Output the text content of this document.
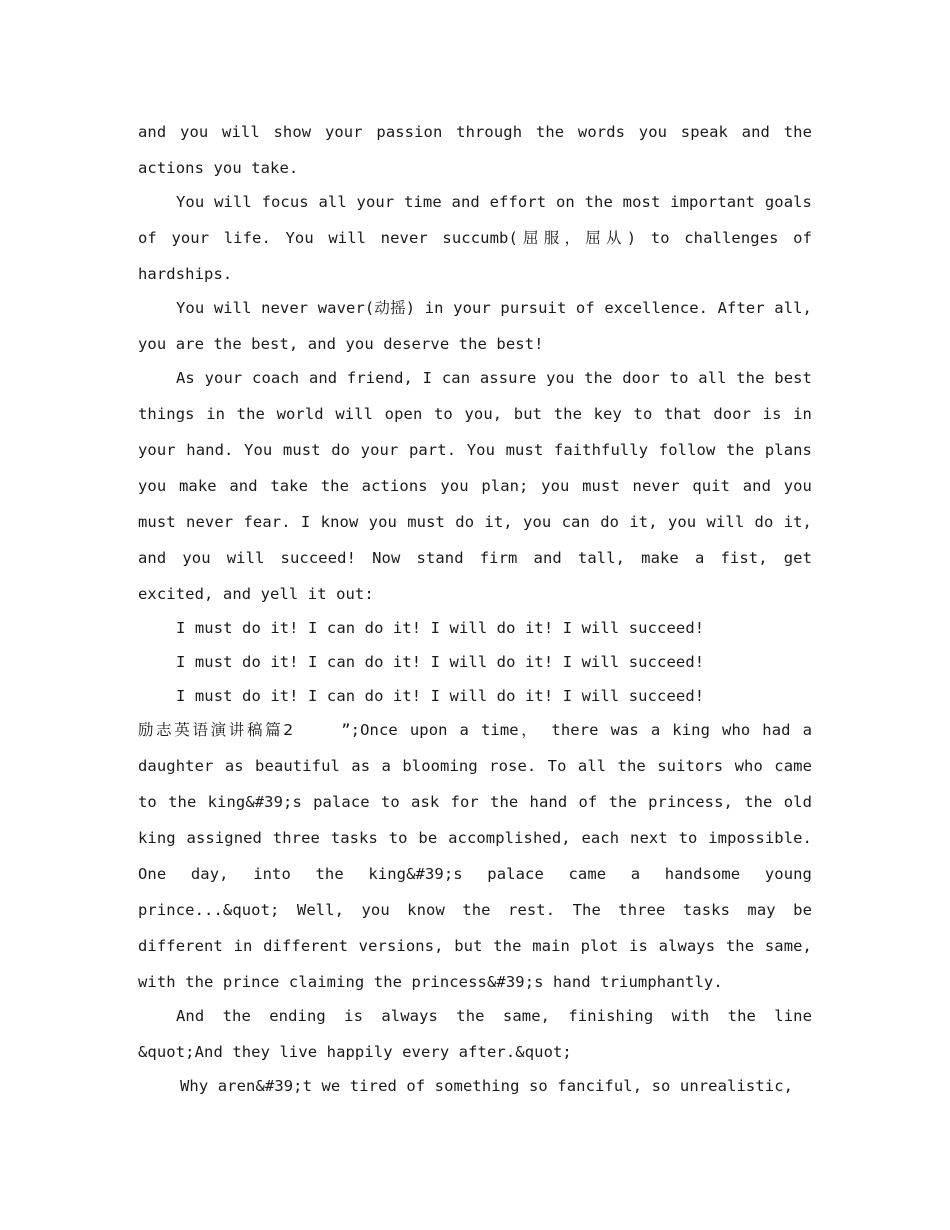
and you will show your passion through the words you speak and the actions you take.

You will focus all your time and effort on the most important goals of your life. You will never succumb(屈服，屈从) to challenges of hardships.

You will never waver(动摇) in your pursuit of excellence. After all, you are the best, and you deserve the best!

As your coach and friend, I can assure you the door to all the best things in the world will open to you, but the key to that door is in your hand. You must do your part. You must faithfully follow the plans you make and take the actions you plan; you must never quit and you must never fear. I know you must do it, you can do it, you will do it, and you will succeed! Now stand firm and tall, make a fist, get excited, and yell it out:

I must do it! I can do it! I will do it! I will succeed!

I must do it! I can do it! I will do it! I will succeed!

I must do it! I can do it! I will do it! I will succeed!

励志英语演讲稿篇2	”;Once upon a time， there was a king who had a daughter as beautiful as a blooming rose. To all the suitors who came to the king&#39;s palace to ask for the hand of the princess, the old king assigned three tasks to be accomplished, each next to impossible. One day, into the king&#39;s palace came a handsome young prince...&quot; Well, you know the rest. The three tasks may be different in different versions, but the main plot is always the same, with the prince claiming the princess&#39;s hand triumphantly.

And the ending is always the same, finishing with the line &quot;And they live happily every after.&quot;

Why aren&#39;t we tired of something so fanciful, so unrealistic,
